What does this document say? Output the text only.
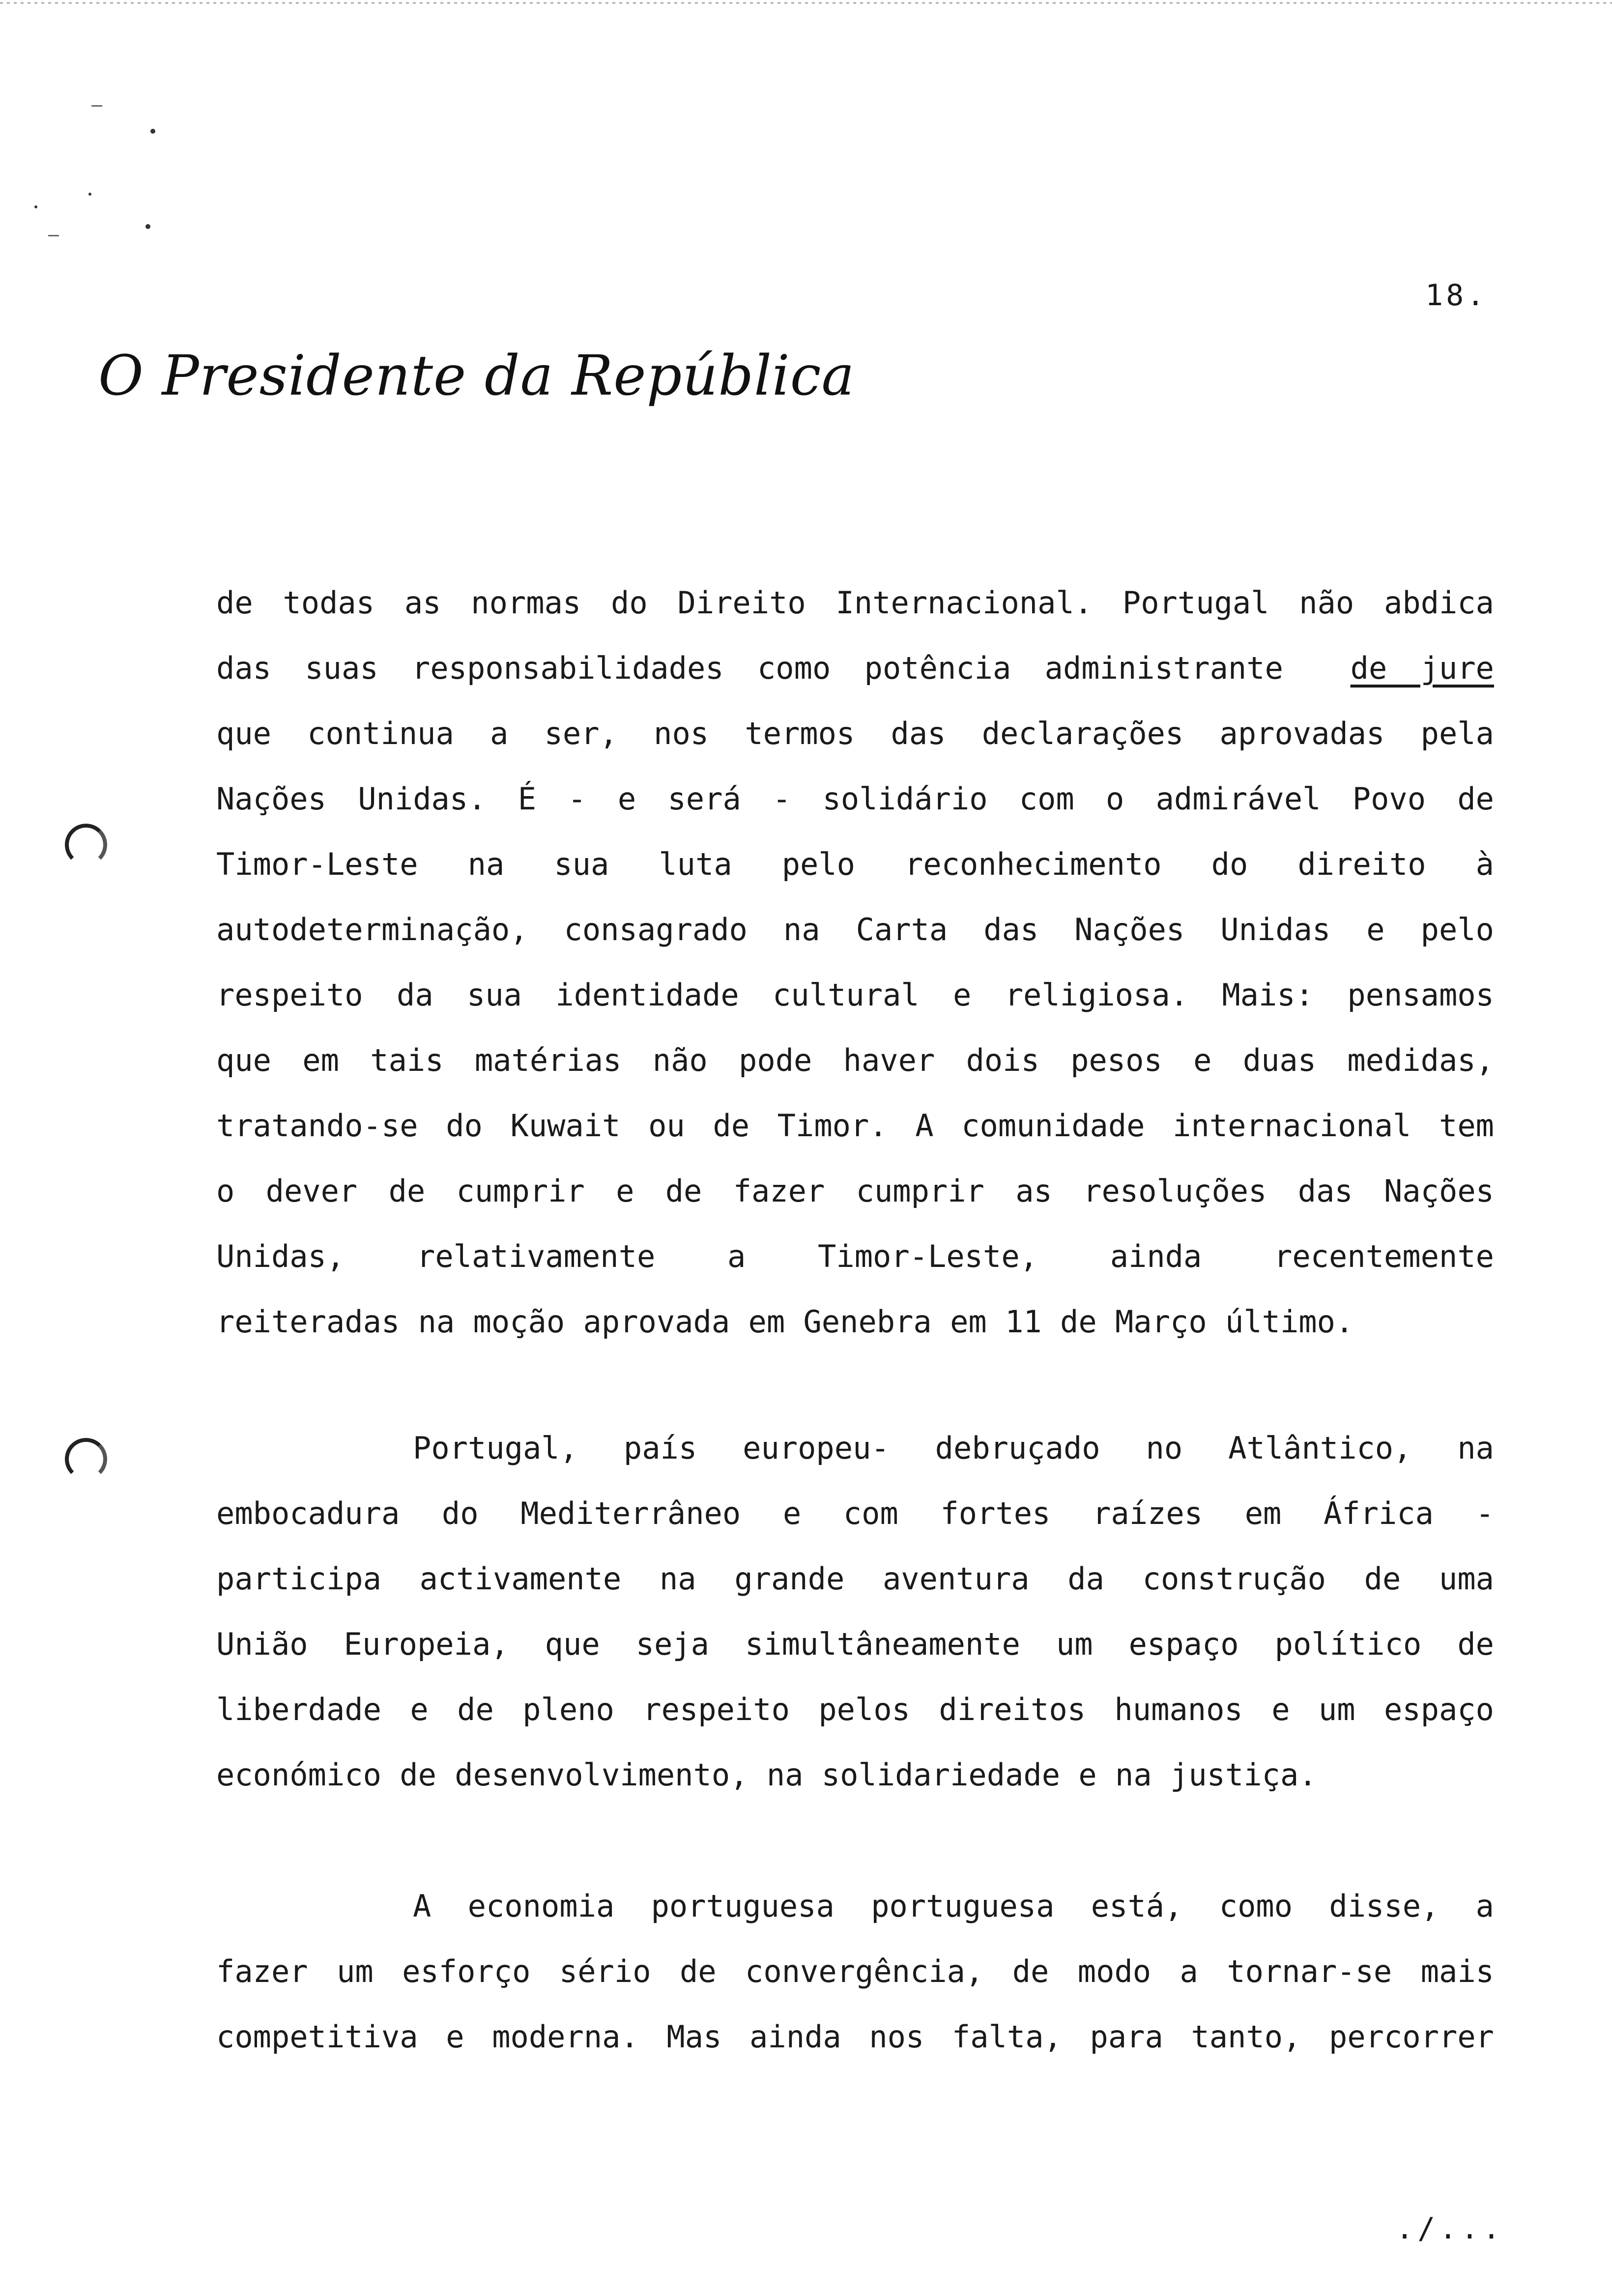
18.
O Presidente da República
de todas as normas do Direito Internacional. Portugal não abdica
das suas responsabilidades como potência administrante de jure
que continua a ser, nos termos das declarações aprovadas pela
Nações Unidas. É - e será - solidário com o admirável Povo de
Timor-Leste na sua luta pelo reconhecimento do direito à
autodeterminação, consagrado na Carta das Nações Unidas e pelo
respeito da sua identidade cultural e religiosa. Mais: pensamos
que em tais matérias não pode haver dois pesos e duas medidas,
tratando-se do Kuwait ou de Timor. A comunidade internacional tem
o dever de cumprir e de fazer cumprir as resoluções das Nações
Unidas, relativamente a Timor-Leste, ainda recentemente
reiteradas na moção aprovada em Genebra em 11 de Março último.
Portugal, país europeu- debruçado no Atlântico, na
embocadura do Mediterrâneo e com fortes raízes em África -
participa activamente na grande aventura da construção de uma
União Europeia, que seja simultâneamente um espaço político de
liberdade e de pleno respeito pelos direitos humanos e um espaço
económico de desenvolvimento, na solidariedade e na justiça.
A economia portuguesa portuguesa está, como disse, a
fazer um esforço sério de convergência, de modo a tornar-se mais
competitiva e moderna. Mas ainda nos falta, para tanto, percorrer
./...
